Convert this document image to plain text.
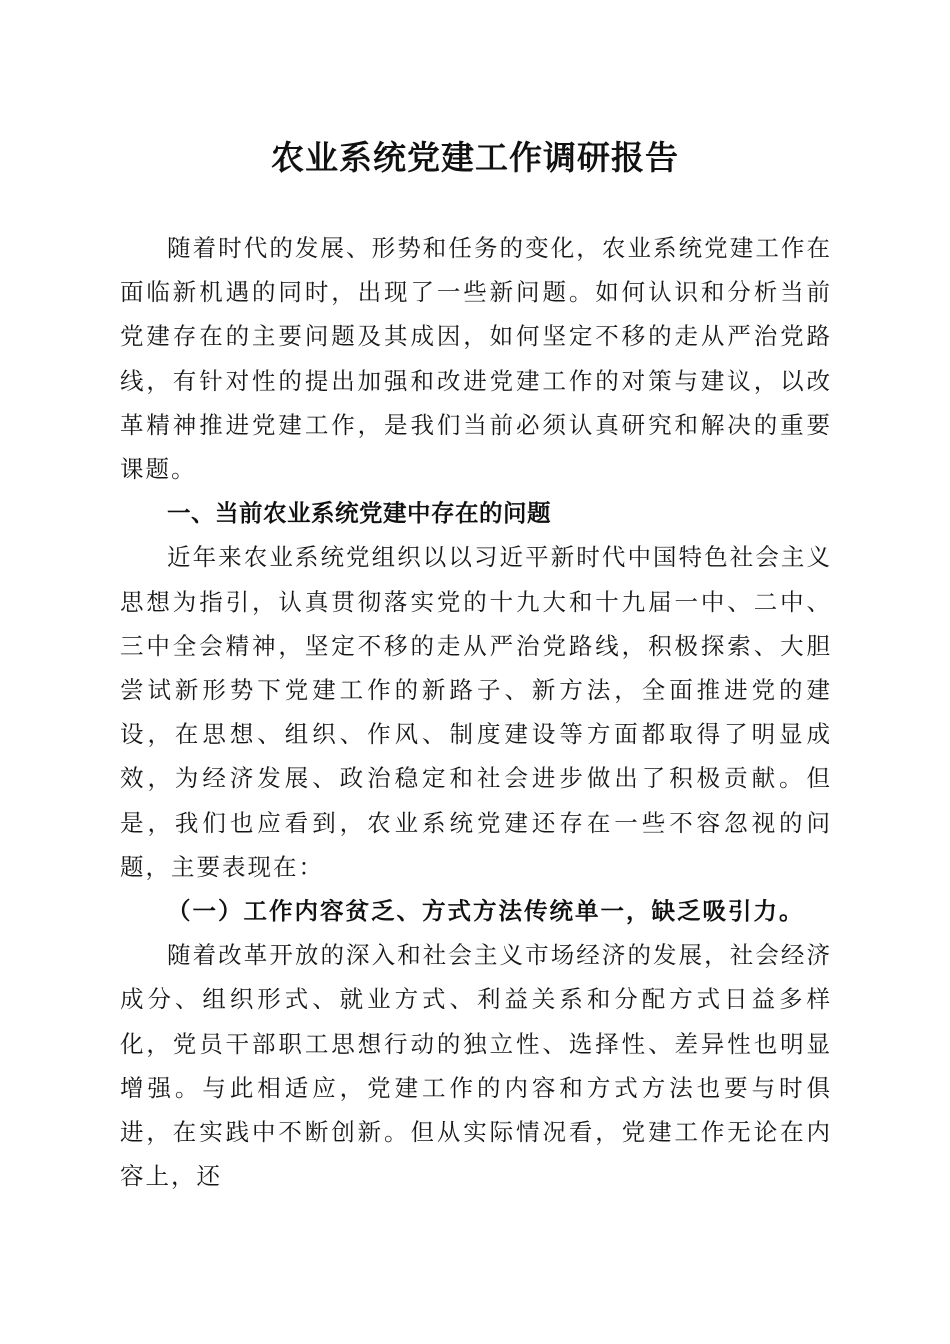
农业系统党建工作调研报告

随着时代的发展、形势和任务的变化，农业系统党建工作在面临新机遇的同时，出现了一些新问题。如何认识和分析当前党建存在的主要问题及其成因，如何坚定不移的走从严治党路线，有针对性的提出加强和改进党建工作的对策与建议，以改革精神推进党建工作，是我们当前必须认真研究和解决的重要课题。

一、当前农业系统党建中存在的问题

近年来农业系统党组织以以习近平新时代中国特色社会主义思想为指引，认真贯彻落实党的十九大和十九届一中、二中、三中全会精神，坚定不移的走从严治党路线，积极探索、大胆尝试新形势下党建工作的新路子、新方法，全面推进党的建设，在思想、组织、作风、制度建设等方面都取得了明显成效，为经济发展、政治稳定和社会进步做出了积极贡献。但是，我们也应看到，农业系统党建还存在一些不容忽视的问题，主要表现在：

（一）工作内容贫乏、方式方法传统单一，缺乏吸引力。

随着改革开放的深入和社会主义市场经济的发展，社会经济成分、组织形式、就业方式、利益关系和分配方式日益多样化，党员干部职工思想行动的独立性、选择性、差异性也明显增强。与此相适应，党建工作的内容和方式方法也要与时俱进，在实践中不断创新。但从实际情况看，党建工作无论在内容上，还
